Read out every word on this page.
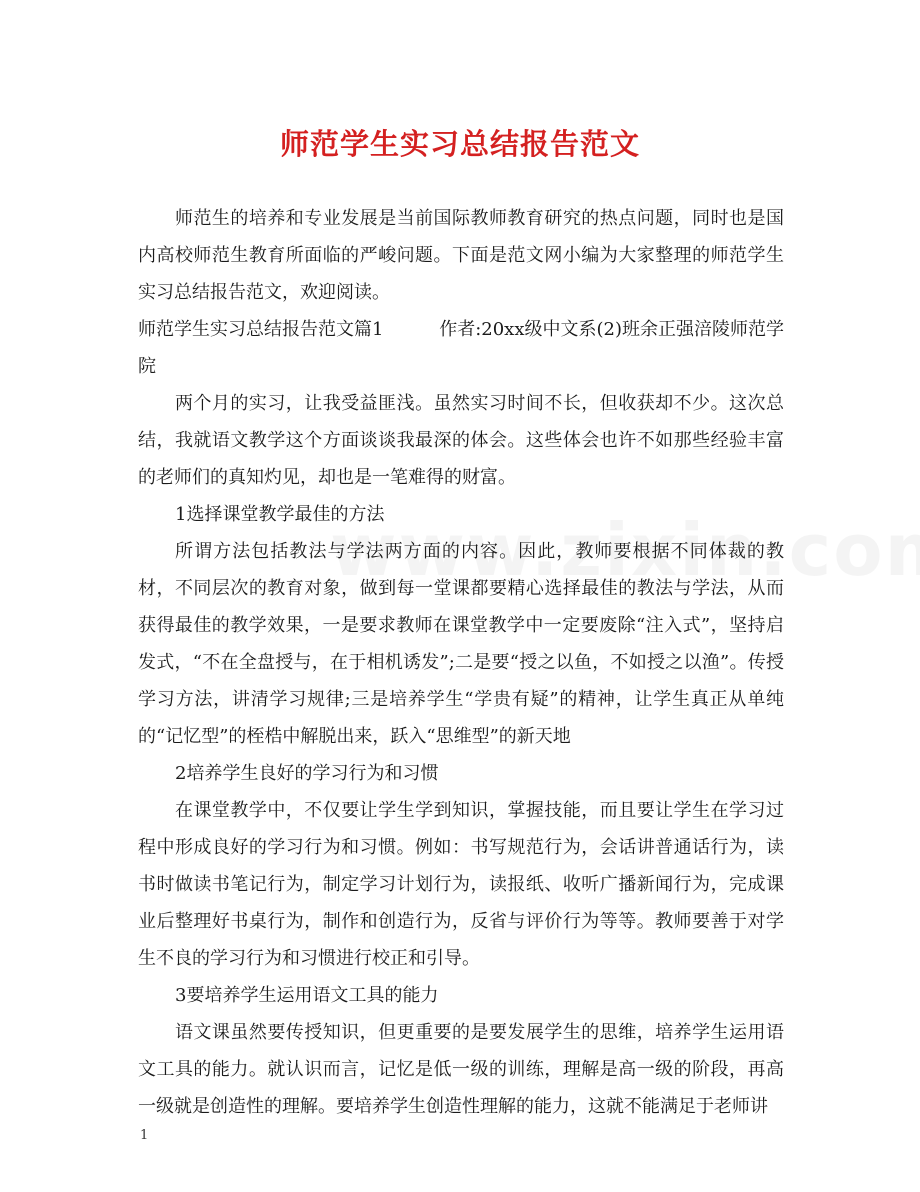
师范学生实习总结报告范文

师范生的培养和专业发展是当前国际教师教育研究的热点问题，同时也是国内高校师范生教育所面临的严峻问题。下面是范文网小编为大家整理的师范学生实习总结报告范文，欢迎阅读。

师范学生实习总结报告范文篇1	作者:20xx级中文系(2)班余正强涪陵师范学

院

两个月的实习，让我受益匪浅。虽然实习时间不长，但收获却不少。这次总结，我就语文教学这个方面谈谈我最深的体会。这些体会也许不如那些经验丰富的老师们的真知灼见，却也是一笔难得的财富。

1选择课堂教学最佳的方法

所谓方法包括教法与学法两方面的内容。因此，教师要根据不同体裁的教材，不同层次的教育对象，做到每一堂课都要精心选择最佳的教法与学法，从而获得最佳的教学效果，一是要求教师在课堂教学中一定要废除“注入式”，坚持启发式，“不在全盘授与，在于相机诱发”;二是要“授之以鱼，不如授之以渔”。传授学习方法，讲清学习规律;三是培养学生“学贵有疑”的精神，让学生真正从单纯的“记忆型”的桎梏中解脱出来，跃入“思维型”的新天地

2培养学生良好的学习行为和习惯

在课堂教学中，不仅要让学生学到知识，掌握技能，而且要让学生在学习过程中形成良好的学习行为和习惯。例如：书写规范行为，会话讲普通话行为，读书时做读书笔记行为，制定学习计划行为，读报纸、收听广播新闻行为，完成课业后整理好书桌行为，制作和创造行为，反省与评价行为等等。教师要善于对学生不良的学习行为和习惯进行校正和引导。

3要培养学生运用语文工具的能力

语文课虽然要传授知识，但更重要的是要发展学生的思维，培养学生运用语文工具的能力。就认识而言，记忆是低一级的训练，理解是高一级的阶段，再高一级就是创造性的理解。要培养学生创造性理解的能力，这就不能满足于老师讲

1
